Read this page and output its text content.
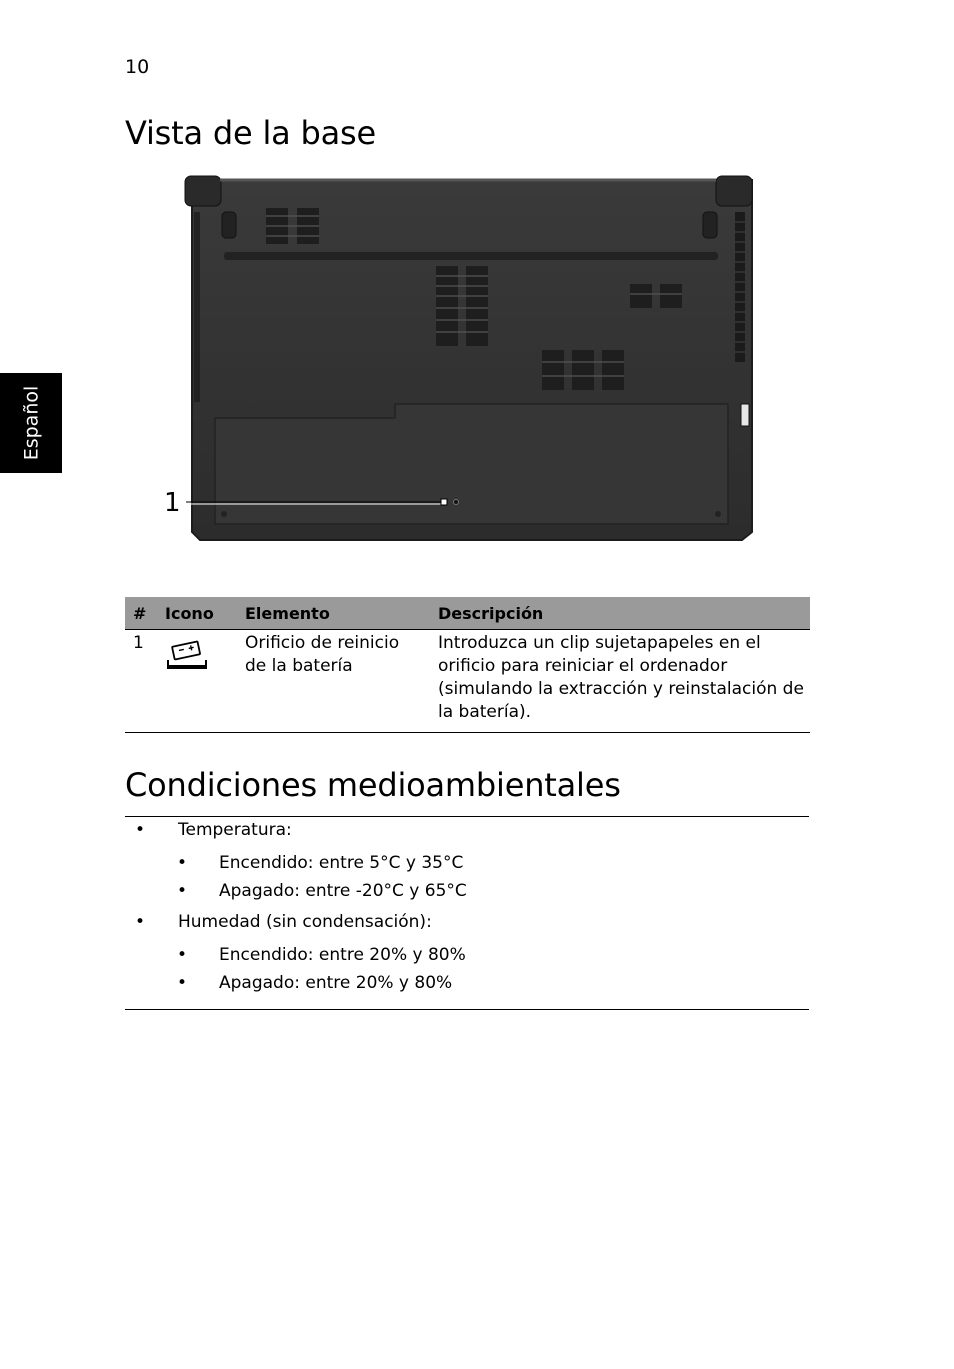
10
Vista de la base
Español
1
#	Icono	Elemento	Descripción
1		Orificio de reinicio de la batería	Introduzca un clip sujetapapeles en el orificio para reiniciar el ordenador (simulando la extracción y reinstalación de la batería).
Condiciones medioambientales
• Temperatura:
• Encendido: entre 5°C y 35°C
• Apagado: entre -20°C y 65°C
• Humedad (sin condensación):
• Encendido: entre 20% y 80%
• Apagado: entre 20% y 80%
